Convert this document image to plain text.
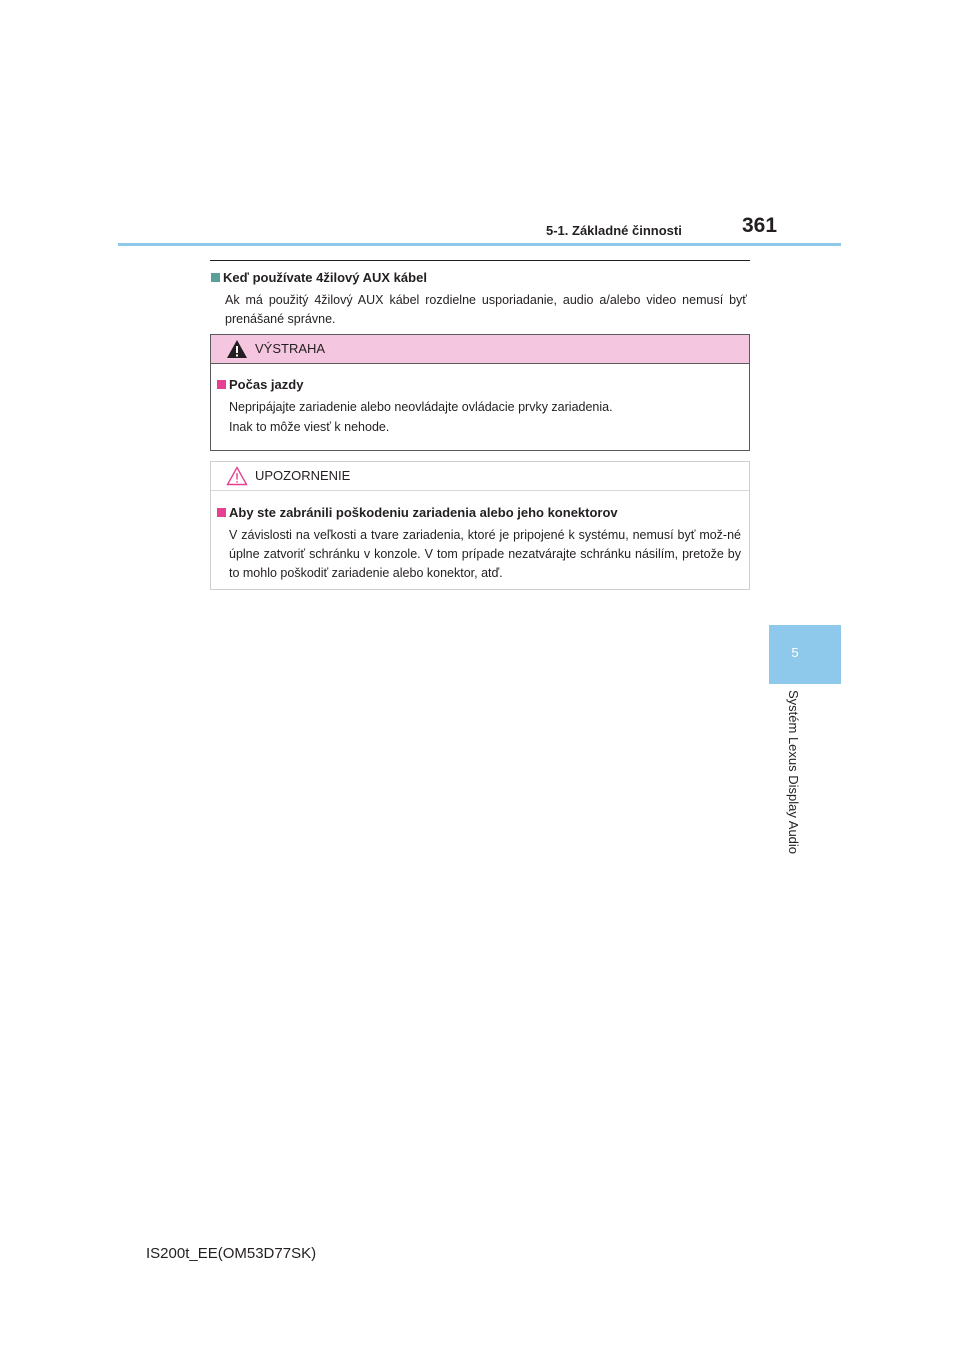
5-1. Základné činnosti	361
5
Systém Lexus Display Audio
Keď používate 4žilový AUX kábel
Ak má použitý 4žilový AUX kábel rozdielne usporiadanie, audio a/alebo video nemusí byť prenášané správne.
VÝSTRAHA
Počas jazdy
Nepripájajte zariadenie alebo neovládajte ovládacie prvky zariadenia.
Inak to môže viesť k nehode.
UPOZORNENIE
Aby ste zabránili poškodeniu zariadenia alebo jeho konektorov
V závislosti na veľkosti a tvare zariadenia, ktoré je pripojené k systému, nemusí byť mož-né úplne zatvoriť schránku v konzole. V tom prípade nezatvárajte schránku násilím, pretože by to mohlo poškodiť zariadenie alebo konektor, atď.
IS200t_EE(OM53D77SK)
